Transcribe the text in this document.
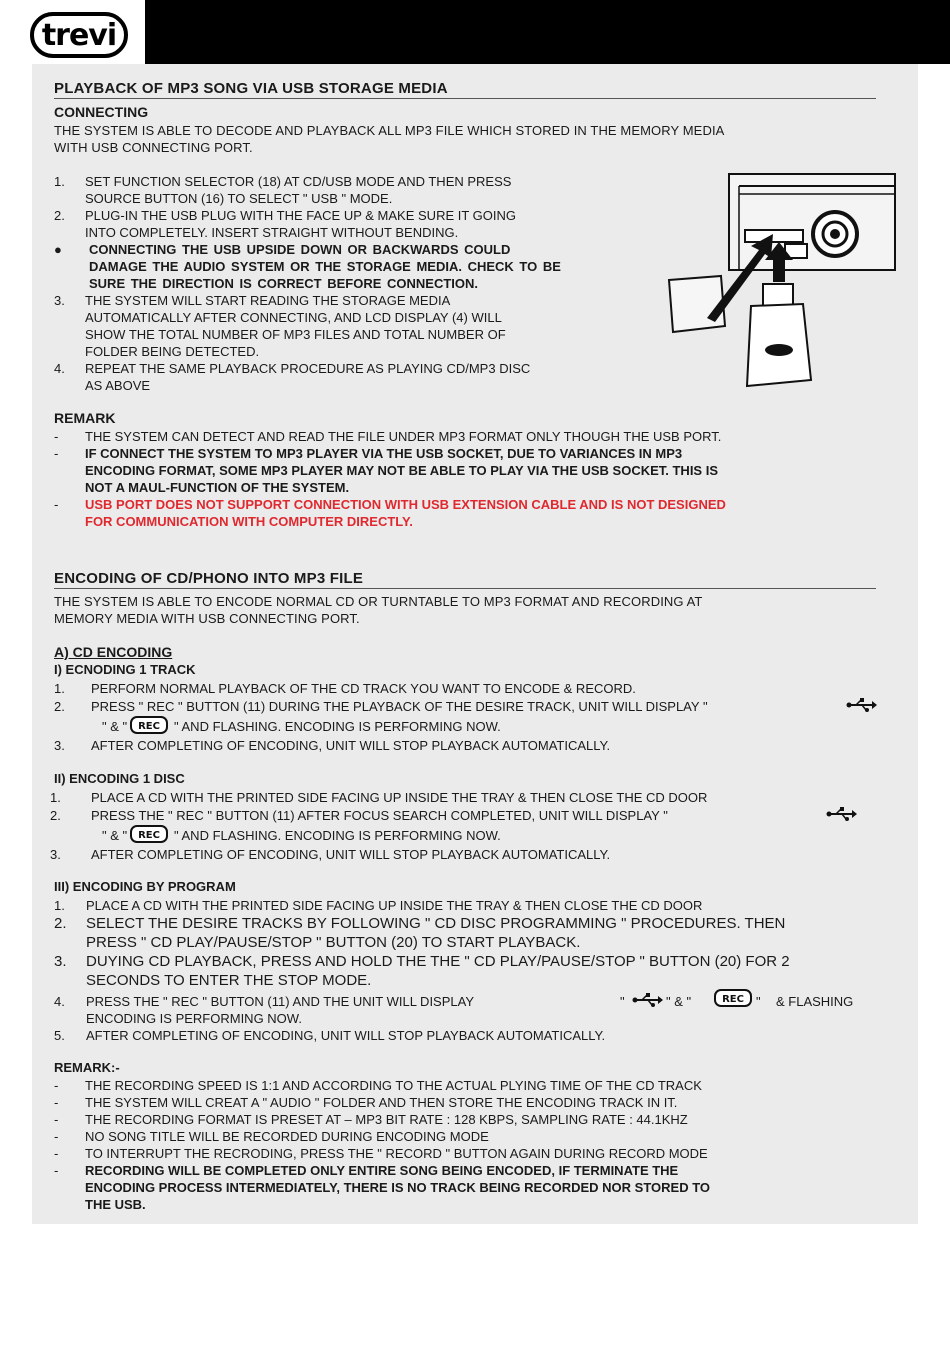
trevi
PLAYBACK OF MP3 SONG VIA USB STORAGE MEDIA
CONNECTING
THE SYSTEM IS ABLE TO DECODE AND PLAYBACK ALL MP3 FILE WHICH STORED IN THE MEMORY MEDIA
WITH USB CONNECTING PORT.
1. SET FUNCTION SELECTOR (18) AT CD/USB MODE AND THEN PRESS
SOURCE BUTTON (16) TO SELECT " USB " MODE.
2. PLUG-IN THE USB PLUG WITH THE FACE UP & MAKE SURE IT GOING
INTO COMPLETELY. INSERT STRAIGHT WITHOUT BENDING.
● CONNECTING THE USB UPSIDE DOWN OR BACKWARDS COULD
DAMAGE THE AUDIO SYSTEM OR THE STORAGE MEDIA. CHECK TO BE
SURE THE DIRECTION IS CORRECT BEFORE CONNECTION.
3. THE SYSTEM WILL START READING THE STORAGE MEDIA
AUTOMATICALLY AFTER CONNECTING, AND LCD DISPLAY (4) WILL
SHOW THE TOTAL NUMBER OF MP3 FILES AND TOTAL NUMBER OF
FOLDER BEING DETECTED.
4. REPEAT THE SAME PLAYBACK PROCEDURE AS PLAYING CD/MP3 DISC
AS ABOVE
REMARK
- THE SYSTEM CAN DETECT AND READ THE FILE UNDER MP3 FORMAT ONLY THOUGH THE USB PORT.
- IF CONNECT THE SYSTEM TO MP3 PLAYER VIA THE USB SOCKET, DUE TO VARIANCES IN MP3
ENCODING FORMAT, SOME MP3 PLAYER MAY NOT BE ABLE TO PLAY VIA THE USB SOCKET. THIS IS
NOT A MAUL-FUNCTION OF THE SYSTEM.
- USB PORT DOES NOT SUPPORT CONNECTION WITH USB EXTENSION CABLE AND IS NOT DESIGNED
FOR COMMUNICATION WITH COMPUTER DIRECTLY.
ENCODING OF CD/PHONO INTO MP3 FILE
THE SYSTEM IS ABLE TO ENCODE NORMAL CD OR TURNTABLE TO MP3 FORMAT AND RECORDING AT
MEMORY MEDIA WITH USB CONNECTING PORT.
A) CD ENCODING
I) ECNODING 1 TRACK
1. PERFORM NORMAL PLAYBACK OF THE CD TRACK YOU WANT TO ENCODE & RECORD.
2. PRESS " REC " BUTTON (11) DURING THE PLAYBACK OF THE DESIRE TRACK, UNIT WILL DISPLAY "
" & " REC " AND FLASHING. ENCODING IS PERFORMING NOW.
3. AFTER COMPLETING OF ENCODING, UNIT WILL STOP PLAYBACK AUTOMATICALLY.
II) ENCODING 1 DISC
1. PLACE A CD WITH THE PRINTED SIDE FACING UP INSIDE THE TRAY & THEN CLOSE THE CD DOOR
2. PRESS THE " REC " BUTTON (11) AFTER FOCUS SEARCH COMPLETED, UNIT WILL DISPLAY "
" & " REC " AND FLASHING. ENCODING IS PERFORMING NOW.
3. AFTER COMPLETING OF ENCODING, UNIT WILL STOP PLAYBACK AUTOMATICALLY.
III) ENCODING BY PROGRAM
1. PLACE A CD WITH THE PRINTED SIDE FACING UP INSIDE THE TRAY & THEN CLOSE THE CD DOOR
2. SELECT THE DESIRE TRACKS BY FOLLOWING " CD DISC PROGRAMMING " PROCEDURES. THEN
PRESS " CD PLAY/PAUSE/STOP " BUTTON (20) TO START PLAYBACK.
3. DUYING CD PLAYBACK, PRESS AND HOLD THE THE " CD PLAY/PAUSE/STOP " BUTTON (20) FOR 2
SECONDS TO ENTER THE STOP MODE.
4. PRESS THE " REC " BUTTON (11) AND THE UNIT WILL DISPLAY	"	" & "	REC " & FLASHING
ENCODING IS PERFORMING NOW.
5. AFTER COMPLETING OF ENCODING, UNIT WILL STOP PLAYBACK AUTOMATICALLY.
REMARK:-
- THE RECORDING SPEED IS 1:1 AND ACCORDING TO THE ACTUAL PLYING TIME OF THE CD TRACK
- THE SYSTEM WILL CREAT A " AUDIO " FOLDER AND THEN STORE THE ENCODING TRACK IN IT.
- THE RECORDING FORMAT IS PRESET AT – MP3 BIT RATE : 128 KBPS, SAMPLING RATE : 44.1KHZ
- NO SONG TITLE WILL BE RECORDED DURING ENCODING MODE
- TO INTERRUPT THE RECRODING, PRESS THE " RECORD " BUTTON AGAIN DURING RECORD MODE
- RECORDING WILL BE COMPLETED ONLY ENTIRE SONG BEING ENCODED, IF TERMINATE THE
ENCODING PROCESS INTERMEDIATELY, THERE IS NO TRACK BEING RECORDED NOR STORED TO
THE USB.
